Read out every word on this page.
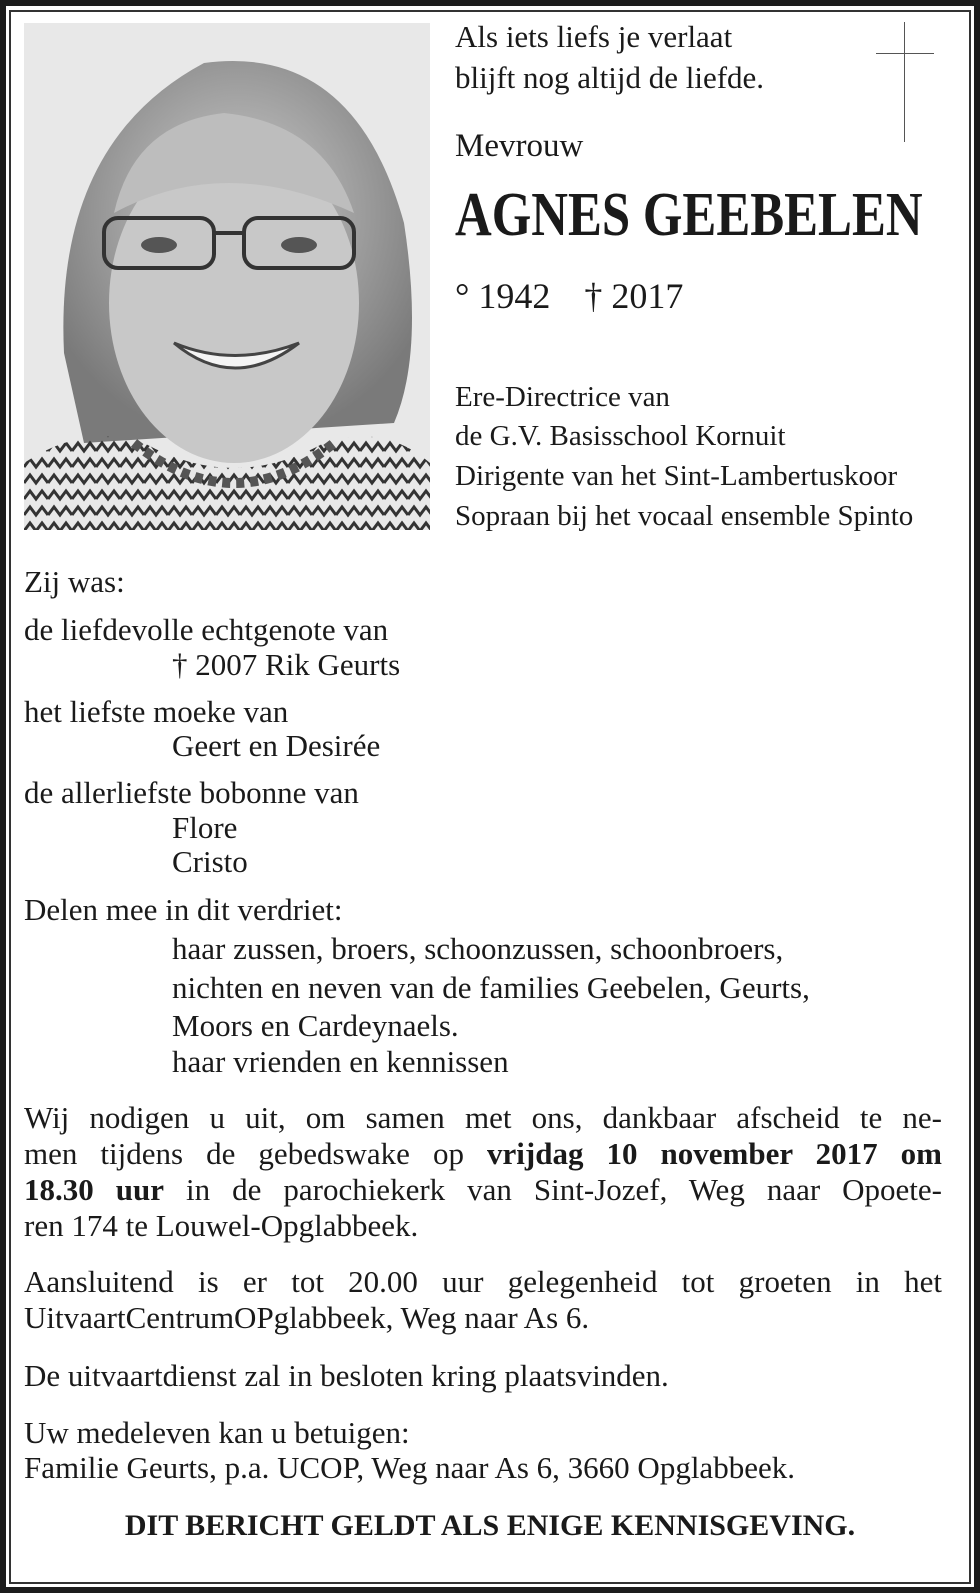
Als iets liefs je verlaat
blijft nog altijd de liefde.
Mevrouw
AGNES GEEBELEN
° 1942 † 2017
Ere-Directrice van
de G.V. Basisschool Kornuit
Dirigente van het Sint-Lambertuskoor
Sopraan bij het vocaal ensemble Spinto
Zij was:
de liefdevolle echtgenote van
† 2007 Rik Geurts
het liefste moeke van
Geert en Desirée
de allerliefste bobonne van
Flore
Cristo
Delen mee in dit verdriet:
haar zussen, broers, schoonzussen, schoonbroers,
nichten en neven van de families Geebelen, Geurts,
Moors en Cardeynaels.
haar vrienden en kennissen
Wij nodigen u uit, om samen met ons, dankbaar afscheid te ne-
men tijdens de gebedswake op vrijdag 10 november 2017 om
18.30 uur in de parochiekerk van Sint-Jozef, Weg naar Opoete-
ren 174 te Louwel-Opglabbeek.
Aansluitend is er tot 20.00 uur gelegenheid tot groeten in het
UitvaartCentrumOPglabbeek, Weg naar As 6.
De uitvaartdienst zal in besloten kring plaatsvinden.
Uw medeleven kan u betuigen:
Familie Geurts, p.a. UCOP, Weg naar As 6, 3660 Opglabbeek.
DIT BERICHT GELDT ALS ENIGE KENNISGEVING.
